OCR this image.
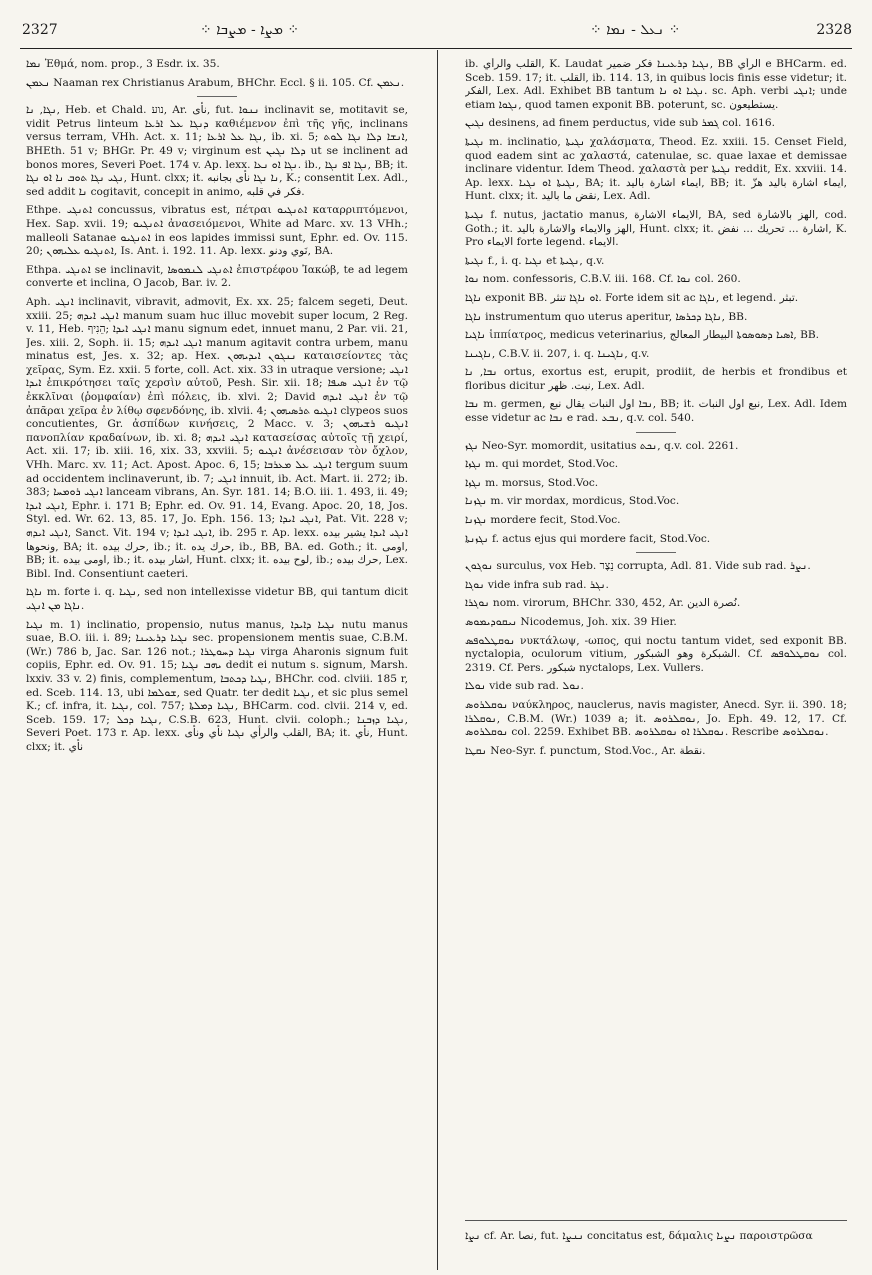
2327	⁘ ܡܨܐ - ܡܨܒܐ ⁘	⁘ ܢܥܠ - ܢܡܐ ⁘	2328

ܢܡܐ Ἐθμά, nom. prop., 3 Esdr. ix. 35.

ܢܥܡܢ Naaman rex Christianus Arabum, BHChr. Eccl. § ii. 105. Cf. ܢܥܡܢ.

ܢܓܐ, ܢܐ, Heb. et Chald. ‏נוע‎, Ar. ‏نأى‎, fut. ܢܢܘܐ inclinavit se, motitavit se, vidit Petrus linteum ܕܢܓܐ ܥܠ ܐܪܥܐ καθιέμενον ἐπὶ τῆς γῆς, inclinans versus terram, VHh. Act. x. 11; ܢܓܐ ܥܠ ܐܪܥܐ, ib. xi. 5; ܐܢܫܐ ܕܠܐ ܢܓܐ ܠܘܬ, BHEth. 51 v; BHGr. Pr. 49 v; virginum est ܕܠܐ ܢܓܝܢ ut se inclinent ad bonos mores, Severi Poet. 174 v. Ap. lexx. ܢܓܐ ܐܘ ܢܥܐ. ib., ܢܓܐ ܐܦ ܢܓܐ, BB; it. ܢܓܝ ܢܓܐ ܬܘܒ ܢܐ ܐܘ ܢܓܐ, Hunt. clxx; it. ܢܐ ܢܓܐ ‏نأى بجانبه‎, K.; consentit Lex. Adl., sed addit ܢܐ cogitavit, concepit in animo, ‏فكر في قلبه‎.

Ethpe. ܐܬܢܓܝ concussus, vibratus est, πέτραι ܐܬܢܓܝܘ καταρριπτόμενοι, Hex. Sap. xvii. 19; ܐܬܢܓܝܘ ἀνασειόμενοι, White ad Marc. xv. 13 VHh.; malleoli Satanae ܐܬܢܓܝܘ in eos lapides immissi sunt, Ephr. ed. Ov. 115. 20; ܐܬܢܓܝܘ ܥܠܝܗܘܢ, Is. Ant. i. 192. 11. Ap. lexx. ‏نَوي ودنو‎, BA.

Ethpa. ܐܬܢܓܝ se inclinavit, ܐܬܢܓܝ ܠܢܡܘܣܐ ἐπιστρέφου Ἰακώβ, te ad legem converte et inclina, O Jacob, Bar. iv. 2.

Aph. ܐܢܓܝ inclinavit, vibravit, admovit, Ex. xx. 25; falcem segeti, Deut. xxiii. 25; ܐܢܓܝ ܐܝܕܗ manum suam huc illuc movebit super locum, 2 Reg. v. 11, Heb. ‏הֵנִיף‎; ܐܢܓܝ ܐܝܕܐ manu signum edet, innuet manu, 2 Par. vii. 21, Jes. xiii. 2, Soph. ii. 15; ܐܢܓܝ ܐܝܕܗ manum agitavit contra urbem, manu minatus est, Jes. x. 32; ap. Hex. ܢܢܓܘܢ ܐܝܕܝܗܘܢ καταισείοντες τὰς χεῖρας, Sym. Ez. xxii. 5 forte, coll. Act. xix. 33 in utraque versione; ܐܢܓܝ ܐܝܕܐ ἐπικρότησει ταῖς χερσὶν αὐτοῦ, Pesh. Sir. xii. 18; ܐܢܓܝ ܣܝܦܐ ἐν τῷ ἐκκλῖναι (ῥομφαίαν) ἐπὶ πόλεις, ib. xlvi. 2; David ܐܢܓܝ ܐܝܕܗ ἐν τῷ ἀπᾶραι χεῖρα ἐν λίθῳ σφενδόνης, ib. xlvii. 4; ܐܢܓܝܘ ܬܪܣܝܗܘܢ clypeos suos concutientes, Gr. ἀσπίδων κινήσεις, 2 Macc. v. 3; ܐܢܓܝܘ ܪܫܝܗܘܢ πανοπλίαν κραδαίνων, ib. xi. 8; ܐܢܓܝ ܐܝܕܗ κατασείσας αὐτοῖς τῇ χειρί, Act. xii. 17; ib. xiii. 16, xix. 33, xxviii. 5; ܐܢܓܝܘ ἀνέσεισαν τὸν ὄχλον, VHh. Marc. xv. 11; Act. Apost. Apoc. 6, 15; ܐܢܓܝ ܥܠ ܡܥܪܒܐ tergum suum ad occidentem inclinaverunt, ib. 7; ܐܢܓܝ innuit, ib. Act. Mart. ii. 272; ib. 383; ܐܢܓܝ ܪܘܡܚܐ lanceam vibrans, An. Syr. 181. 14; B.O. iii. 1. 493, ii. 49; ܐܢܓܝ ܐܝܕܐ, Ephr. i. 171 B; Ephr. ed. Ov. 91. 14, Evang. Apoc. 20, 18, Jos. Styl. ed. Wr. 62. 13, 85. 17, Jo. Eph. 156. 13; ܐܢܓܝ ܐܝܕܐ, Pat. Vit. 228 v; ܐܢܓܝ ܐܝܕܗ, Sanct. Vit. 194 v; ܐܢܓܝ ܐܝܕܐ, ib. 295 r. Ap. lexx. ܐܢܓܝ ܐܝܕܐ ‏يشير بيده ونحوها‎, BA; it. ‏حرك بيده‎, ib.; it. ‏حرك يده‎, ib., BB, BA. ed. Goth.; it. ‏اومى‎, BB; it. ‏اومى بيده‎, ib.; it. ‏اشار بيده‎, Hunt. clxx; it. ‏لوح بيده‎, ib.; ‏حرك بيده‎, Lex. Bibl. Ind. Consentiunt caeteri.

ܢܐܓܐ m. forte i. q. ܢܓܝܐ, sed non intellexisse videtur BB, qui tantum dicit ܢܐܓܐ ܡܢ ܐܢܓܝ.

ܢܓܝܐ m. 1) inclinatio, propensio, nutus manus, ܢܓܝܐ ܕܐܝܕܐ nutu manus suae, B.O. iii. i. 89; ܢܓܝܐ ܕܪܥܝܢܐ sec. propensionem mentis suae, C.B.M. (Wr.) 786 b, Jac. Sar. 126 not.; ܢܓܝܐ ܕܚܘܛܪܐ virga Aharonis signum fuit copiis, Ephr. ed. Ov. 91. 15; ܝܗܒ ܢܓܝܐ dedit ei nutum s. signum, Marsh. lxxiv. 33 v. 2) finis, complementum, ܢܓܝܐ ܕܟܬܒܐ, BHChr. cod. clviii. 185 r, ed. Sceb. 114. 13, ubi ܫܘܠܡܐ, sed Quatr. ter dedit ܢܓܝܐ, et sic plus semel K.; cf. infra, it. ܢܓܝܐ, col. 757; ܢܓܝܐ ܕܡܠܬܐ, BHCarm. cod. clvii. 214 v, ed. Sceb. 159. 17; ܢܓܝܐ ܕܟܠ, C.S.B. 623, Hunt. clvii. coloph.; ܢܓܝܐ ܕܙܒܢܐ, Severi Poet. 173 r. Ap. lexx. ܢܓܝܐ ‏نأي ونأى‎ ‏القلب والرأي‎, BA; it. ‏نأي‎, Hunt. clxx; it. ‏نأي‎

ib. ‏القلب والرأي‎, K. Laudat ܢܓܝܐ ܕܪܥܝܢܐ ‏فكر ضمير‎, BB ‏الرأي‎ e BHCarm. ed. Sceb. 159. 17; it. ‏القلب‎, ib. 114. 13, in quibus locis finis esse videtur; it. ‏الفكر‎, Lex. Adl. Exhibet BB tantum ܢܓܝܐ ܐܘ ܢܐ. sc. Aph. verbi ܐܢܓܝ; unde etiam ܢܓܘܐ, quod tamen exponit BB. poterunt, sc. ‏يستطيعون‎.

ܢܓܝܢ desinens, ad finem perductus, vide sub ܓܡܪ col. 1616.

ܢܓܝܬܐ m. inclinatio, ܢܓܝܬܐ χαλάσματα, Theod. Ez. xxiii. 15. Censet Field, quod eadem sint ac χαλαστά, catenulae, sc. quae laxae et demissae inclinare videntur. Idem Theod. χαλαστὰ per ܢܓܝܬܐ reddit, Ex. xxviii. 14. Ap. lexx. ܢܓܝܬܐ ܐܘ ܢܓܝܐ, BA; it. ‏ايماء اشارة باليد‎, BB; it. ‏ايماء اشارة باليد هزّ‎, Hunt. clxx; it. ‏نقض ما باليد‎, Lex. Adl.

ܢܓܝܬܐ f. nutus, jactatio manus, ‏الايماء الاشارة‎, BA, sed ‏الهز بالاشارة‎, cod. Goth.; it. ‏الهز والايماء والاشارة باليد‎, Hunt. clxx; it. ‏اشارة ... تحريك ... نفض‎, K. Pro ‏الايماء‎ forte legend. ‏الايماء‎.

ܢܓܝܬܐ f., i. q. ܢܓܝܐ et ܢܓܝܬܐ, q.v.

ܢܘܐ nom. confessoris, C.B.V. iii. 168. Cf. ܢܘܐ col. 260.

ܢܐܓܐ exponit BB. ‏تنثر‎ ܐܘ ܢܐܓܐ. Forte idem sit ac ܢܐܓܐ, et legend. ‏تبثر‎.

ܢܐܓܐ instrumentum quo uterus aperitur, ܢܐܓܐ ܕܟܪܣܐ, BB.

ܢܐܓܝܐ ἱππίατρος, medicus veterinarius, ܐܣܝܐ ܕܣܘܣܘܬܐ ‏البيطار المعالج‎, BB.

ܢܐܓܝܢܐ, C.B.V. ii. 207, i. q. ܢܐܓܝܢܐ, q.v.

ܢܒܐ, ܢܐ ortus, exortus est, erupit, prodiit, de herbis et frondibus et floribus dicitur ‏نبت. ظهر‎, Lex. Adl.

ܢܒܐ m. germen, ܢܒܐ ‏اول النبات يقال نبع‎, BB; it. ‏نبع اول النبات‎, Lex. Adl. Idem esse videtur ac ܢܒܐ e rad. ܢܒܥ, q.v. col. 540.

ܢܓܙ Neo-Syr. momordit, usitatius ܢܟܬ, q.v. col. 2261.

ܢܓܙܐ m. qui mordet, Stod.Voc.

ܢܓܙܐ m. morsus, Stod.Voc.

ܢܓܙܢܐ m. vir mordax, mordicus, Stod.Voc.

ܢܓܙܢܐ mordere fecit, Stod.Voc.

ܢܓܙܢܬܐ f. actus ejus qui mordere facit, Stod.Voc.

ܢܘܓܘܢ surculus, vox Heb. ‏נֵצֶר‎ corrupta, Adl. 81. Vide sub rad. ܢܨܪ.

ܢܘܓܐ vide infra sub rad. ܢܓܪ.

ܢܘܓܪܐ nom. virorum, BHChr. 330, 452, Ar. ‏نُصرة الدين‎.

ܢܝܩܘܕܝܡܘܣ Nicodemus, Joh. xix. 39 Hier.

ܢܘܩܛܠܘܦܣ νυκτάλωψ, -ωπος, qui noctu tantum videt, sed exponit BB. nyctalopia, oculorum vitium, ‏الشبكرة وهو الشبكور‎. Cf. ܢܘܩܛܠܘܦܣ col. 2319. Cf. Pers. ‏شبكور‎ nyctalops, Lex. Vullers.

ܢܘܠܐ vide sub rad. ܢܘܠ.

ܢܘܩܠܪܘܣ ναύκληρος, nauclerus, navis magister, Anecd. Syr. ii. 390. 18; ܢܘܩܠܪܐ, C.B.M. (Wr.) 1039 a; it. ܢܘܩܠܪܘܣ, Jo. Eph. 49. 12, 17. Cf. ܢܘܩܠܪܘܣ col. 2259. Exhibet BB. ܢܘܩܠܪܐ ܐܘ ܢܘܩܠܪܘܣ. Rescribe ܢܘܩܠܪܘܣ.

ܢܩܛܐ Neo-Syr. f. punctum, Stod.Voc., Ar. ‏نقطة‎.

ܢܨܐ cf. Ar. ‏نصا‎, fut. ܢܢܨܐ concitatus est, δάμαλις ܢܨܝܐ παροιστρῶσα
